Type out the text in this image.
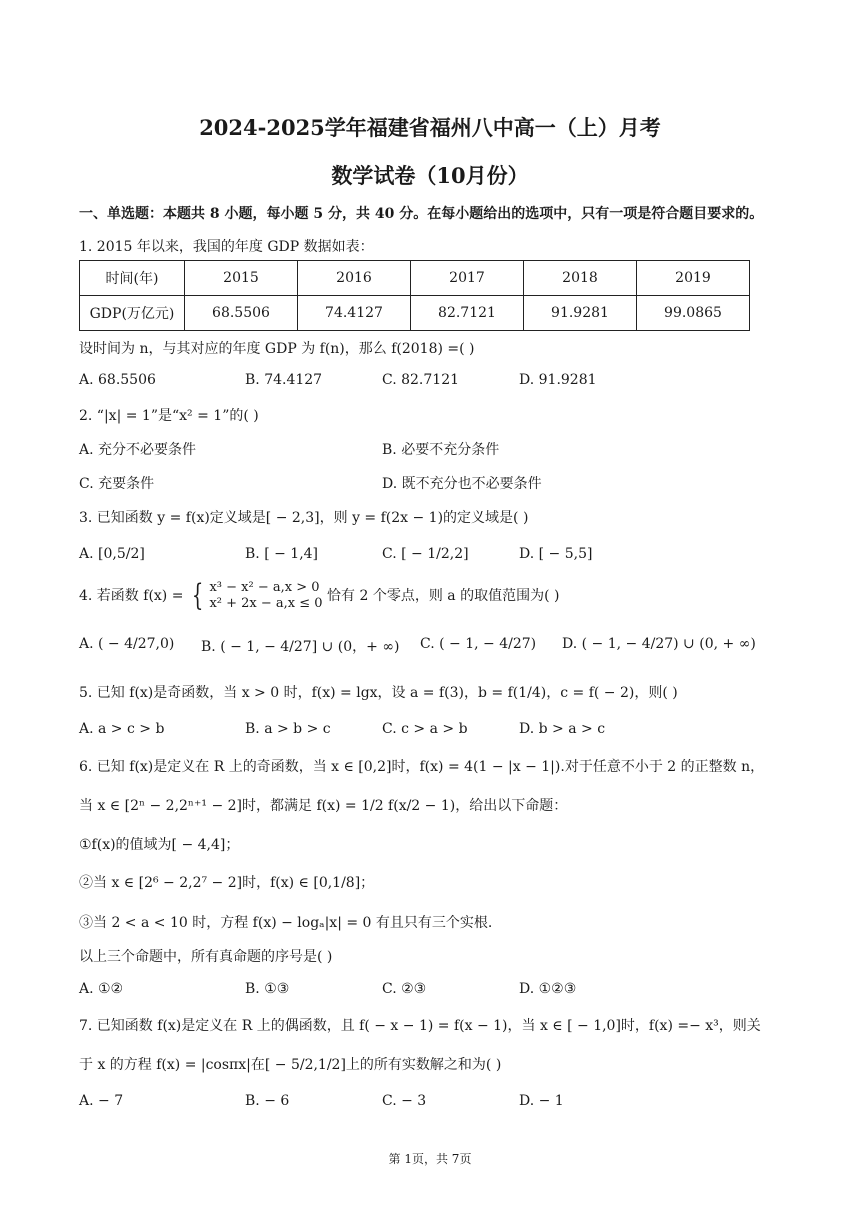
2024-2025学年福建省福州八中高一（上）月考
数学试卷（10月份）
一、单选题：本题共 8 小题，每小题 5 分，共 40 分。在每小题给出的选项中，只有一项是符合题目要求的。
1. 2015 年以来，我国的年度 GDP 数据如表：
时间(年)	2015	2016	2017	2018	2019
GDP(万亿元)	68.5506	74.4127	82.7121	91.9281	99.0865
设时间为 n，与其对应的年度 GDP 为 f(n)，那么 f(2018) =( )
A. 68.5506	B. 74.4127	C. 82.7121	D. 91.9281
2. “|x| = 1”是“x² = 1”的( )
A. 充分不必要条件	B. 必要不充分条件
C. 充要条件	D. 既不充分也不必要条件
3. 已知函数 y = f(x)定义域是[ − 2,3]，则 y = f(2x − 1)的定义域是( )
A. [0,5/2]	B. [ − 1,4]	C. [ − 1/2,2]	D. [ − 5,5]
4. 若函数 f(x) = { x³ − x² − a,x > 0
x² + 2x − a,x ≤ 0 恰有 2 个零点，则 a 的取值范围为( )
A. ( − 4/27,0) B. ( − 1, − 4/27] ∪ (0，+ ∞) C. ( − 1, − 4/27) D. ( − 1, − 4/27) ∪ (0, + ∞)
5. 已知 f(x)是奇函数，当 x > 0 时，f(x) = lgx，设 a = f(3)，b = f(1/4)，c = f( − 2)，则( )
A. a > c > b	B. a > b > c	C. c > a > b	D. b > a > c
6. 已知 f(x)是定义在 R 上的奇函数，当 x ∈ [0,2]时，f(x) = 4(1 − |x − 1|).对于任意不小于 2 的正整数 n，
当 x ∈ [2ⁿ − 2,2ⁿ⁺¹ − 2]时，都满足 f(x) = 1/2 f(x/2 − 1)，给出以下命题：
①f(x)的值域为[ − 4,4]；
②当 x ∈ [2⁶ − 2,2⁷ − 2]时，f(x) ∈ [0,1/8]；
③当 2 < a < 10 时，方程 f(x) − logₐ|x| = 0 有且只有三个实根.
以上三个命题中，所有真命题的序号是( )
A. ①②	B. ①③	C. ②③	D. ①②③
7. 已知函数 f(x)是定义在 R 上的偶函数，且 f( − x − 1) = f(x − 1)，当 x ∈ [ − 1,0]时，f(x) =− x³，则关
于 x 的方程 f(x) = |cosπx|在[ − 5/2,1/2]上的所有实数解之和为( )
A. − 7	B. − 6	C. − 3	D. − 1
第 1页，共 7页
